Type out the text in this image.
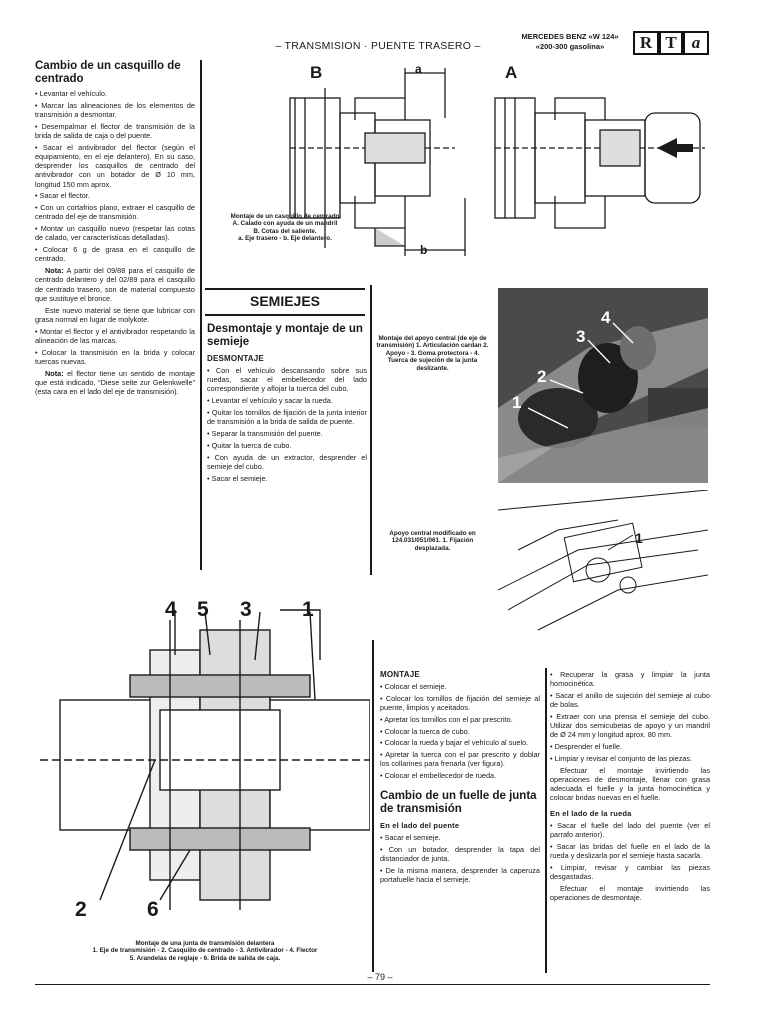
– TRANSMISION · PUENTE TRASERO –
MERCEDES BENZ «W 124»
«200-300 gasolina»	R T a
Cambio de un casquillo de centrado

• Levantar el vehículo.

• Marcar las alineaciones de los elementos de transmisión a desmontar.

• Desempalmar el flector de transmisión de la brida de salida de caja o del puente.

• Sacar el antivibrador del flector (según el equipamiento, en el eje delantero). En su caso, desprender los casquillos de centrado del antivibrador con un botador de Ø 10 mm, longitud 150 mm aprox.

• Sacar el flector.

• Con un cortafrios plano, extraer el casquillo de centrado del eje de transmisión.

• Montar un casquillo nuevo (respetar las cotas de calado, ver características detalladas).

• Colocar 6 g de grasa en el casquillo de centrado.

Nota: A partir del 09/88 para el casquillo de centrado delantero y del 02/89 para el casquillo de centrado trasero, son de material compuesto que sustituye el bronce.

Este nuevo material se tiene que lubricar con grasa normal en lugar de molykote.

• Montar el flector y el antivibrador respetando la alineación de las marcas.

• Colocar la transmisión en la brida y colocar tuercas nuevas.

Nota: el flector tiene un sentido de montaje que está indicado, “Diese seite zur Gelenkwelle” (esta cara en el lado del eje de transmisión).

B	A
a
b
Montaje de un casquillo de centrado
A. Calado con ayuda de un mandril
B. Cotas del saliente.
a. Eje trasero - b. Eje delantero.
SEMIEJES
Desmontaje y montaje de un semieje
DESMONTAJE

• Con el vehículo descansando sobre sus ruedas, sacar el embellecedor del lado correspondiente y aflojar la tuerca del cubo.

• Levantar el vehículo y sacar la rueda.

• Quitar los tornillos de fijación de la junta interior de transmisión a la brida de salida de puente.

• Separar la transmisión del puente.

• Quitar la tuerca de cubo.

• Con ayuda de un extractor, desprender el semieje del cubo.

• Sacar el semieje.

Montaje del apoyo central (de eje de transmisión) 1. Articulación cardan 2. Apoyo - 3. Goma protectora - 4. Tuerca de sujeción de la junta deslizante.
Apoyo central modificado en 124.031/051/061. 1. Fijación desplazada.
1
2
3
4
1
4 5 3 1
2	6
Montaje de una junta de transmisión delantera
1. Eje de transmisión - 2. Casquillo de centrado - 3. Antivibrador - 4. Flector
5. Arandelas de reglaje - 6. Brida de salida de caja.
MONTAJE

• Colocar el semieje.

• Colocar los tornillos de fijación del semieje al puente, limpios y aceitados.

• Apretar los tornillos con el par prescrito.

• Colocar la tuerca de cubo.

• Colocar la rueda y bajar el vehículo al suelo.

• Apretar la tuerca con el par prescrito y doblar los collarines para frenarla (ver figura).

• Colocar el embellecedor de rueda.

Cambio de un fuelle de junta de transmisión
En el lado del puente

• Sacar el semieje.

• Con un botador, desprender la tapa del distanciador de junta.

• De la misma manera, desprender la caperuza portafuelle hacia el semieje.

• Recuperar la grasa y limpiar la junta homocinética.

• Sacar el anillo de sujeción del semieje al cubo de bolas.

• Extraer con una prensa el semieje del cubo. Utilizar dos semicubetas de apoyo y un mandril de Ø 24 mm y longitud aprox. 80 mm.

• Desprender el fuelle.

• Limpiar y revisar el conjunto de las piezas.

Efectuar el montaje invirtiendo las operaciones de desmontaje, llenar con grasa adecuada el fuelle y la junta homocinética y colocar bridas nuevas en el fuelle.

En el lado de la rueda

• Sacar el fuelle del lado del puente (ver el parrafo anterior).

• Sacar las bridas del fuelle en el lado de la rueda y deslizarla por el semieje hasta sacarla.

• Limpiar, revisar y cambiar las piezas desgastadas.

Efectuar el montaje invirtiendo las operaciones de desmontaje.

– 79 –
